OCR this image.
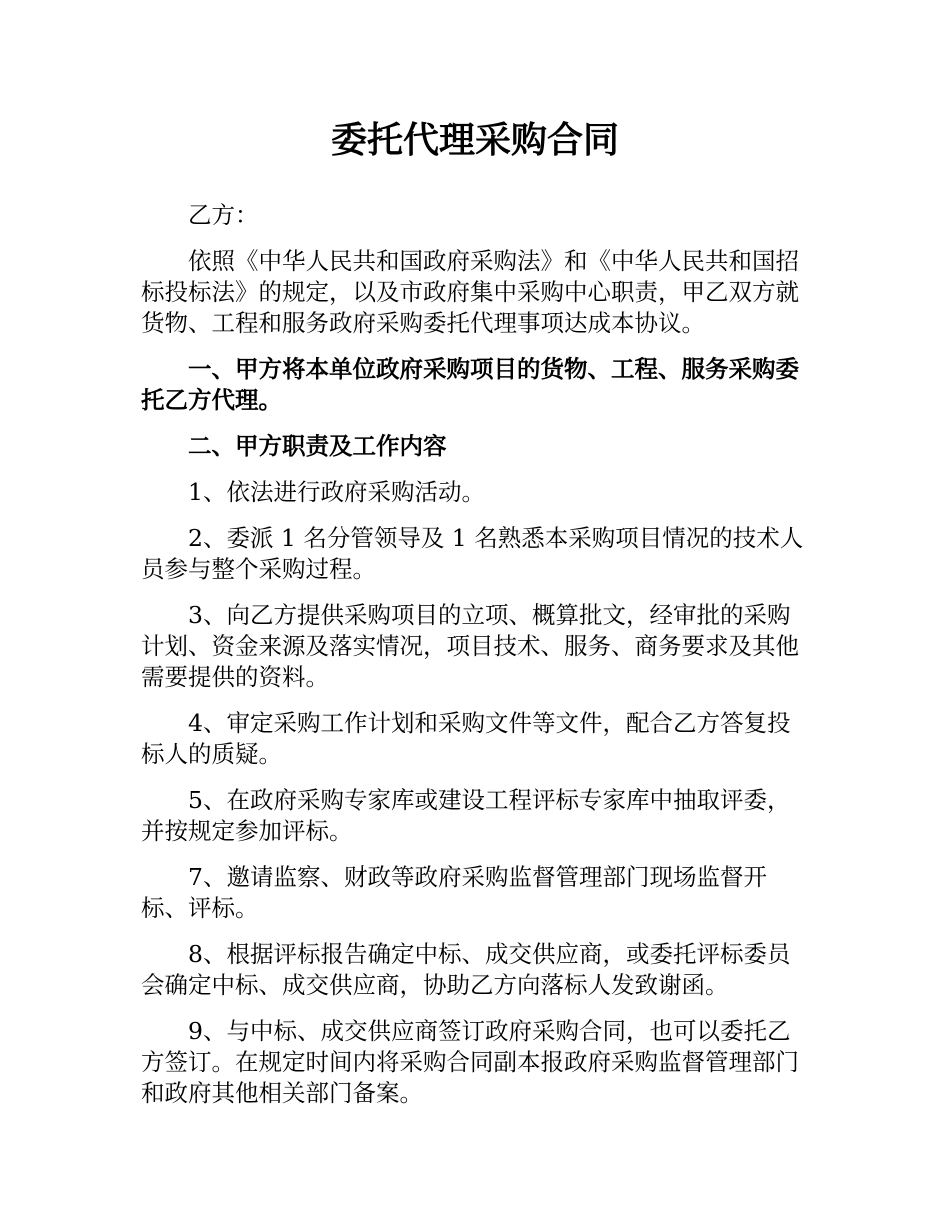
委托代理采购合同

乙方：

依照《中华人民共和国政府采购法》和《中华人民共和国招标投标法》的规定，以及市政府集中采购中心职责，甲乙双方就货物、工程和服务政府采购委托代理事项达成本协议。

一、甲方将本单位政府采购项目的货物、工程、服务采购委托乙方代理。

二、甲方职责及工作内容

1、依法进行政府采购活动。

2、委派 1 名分管领导及 1 名熟悉本采购项目情况的技术人员参与整个采购过程。

3、向乙方提供采购项目的立项、概算批文，经审批的采购计划、资金来源及落实情况，项目技术、服务、商务要求及其他需要提供的资料。

4、审定采购工作计划和采购文件等文件，配合乙方答复投标人的质疑。

5、在政府采购专家库或建设工程评标专家库中抽取评委，并按规定参加评标。

7、邀请监察、财政等政府采购监督管理部门现场监督开标、评标。

8、根据评标报告确定中标、成交供应商，或委托评标委员会确定中标、成交供应商，协助乙方向落标人发致谢函。

9、与中标、成交供应商签订政府采购合同，也可以委托乙方签订。在规定时间内将采购合同副本报政府采购监督管理部门和政府其他相关部门备案。
